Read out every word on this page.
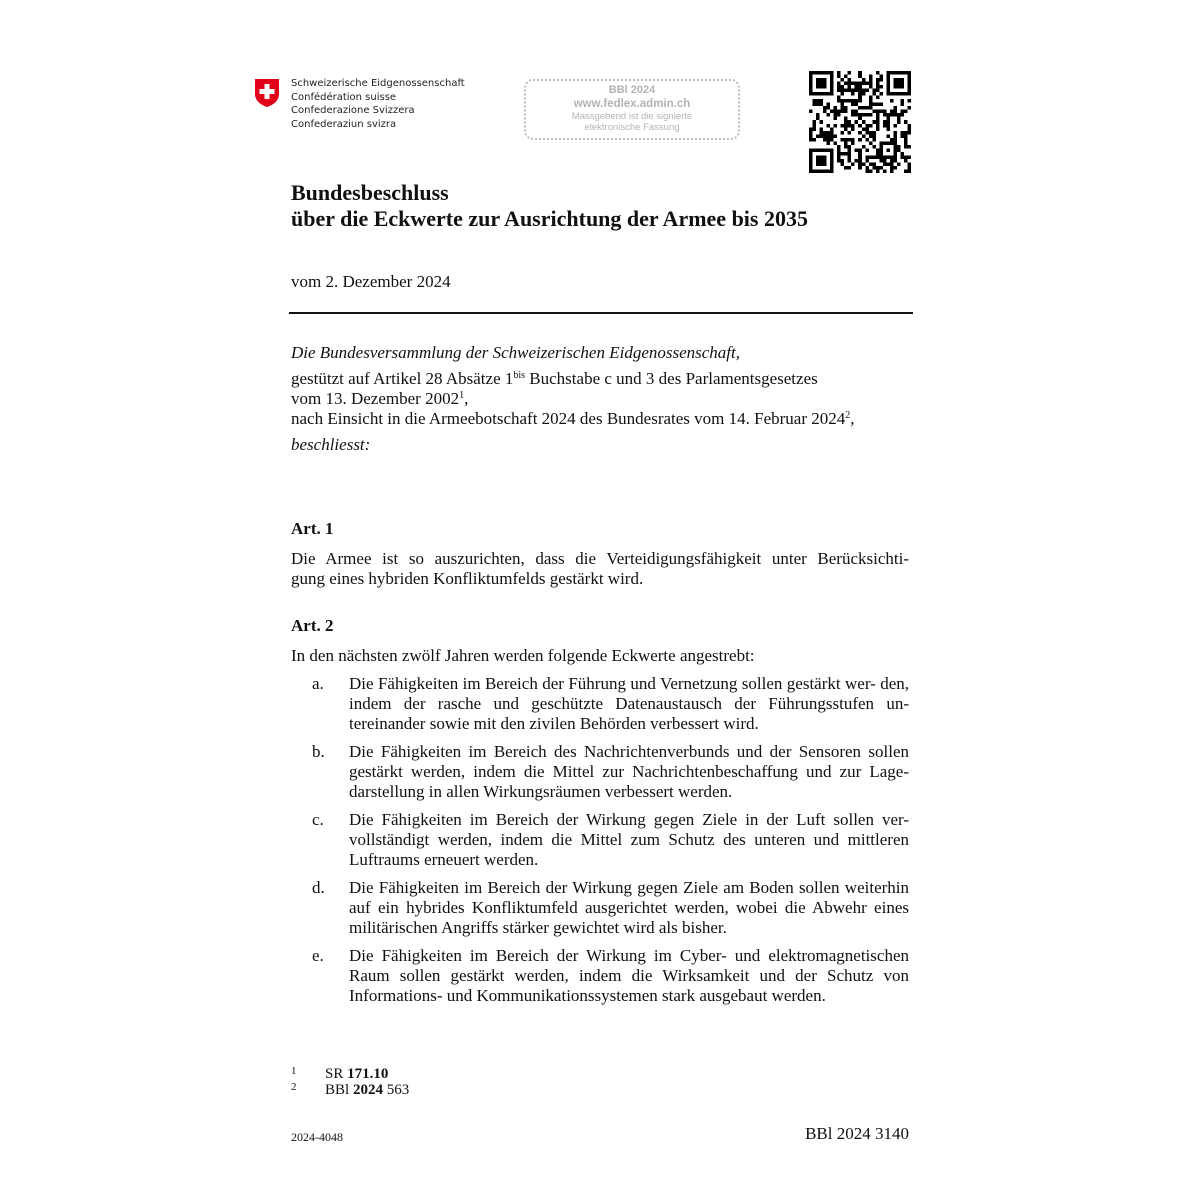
Schweizerische Eidgenossenschaft
Confédération suisse
Confederazione Svizzera
Confederaziun svizra
BBl 2024
www.fedlex.admin.ch
Massgebend ist die signierte
elektronische Fassung
Bundesbeschluss
über die Eckwerte zur Ausrichtung der Armee bis 2035
vom 2. Dezember 2024
Die Bundesversammlung der Schweizerischen Eidgenossenschaft,
gestützt auf Artikel 28 Absätze $1^{bis}$ Buchstabe c und 3 des Parlamentsgesetzes
vom 13. Dezember 2002$^1$,
nach Einsicht in die Armeebotschaft 2024 des Bundesrates vom 14. Februar 2024$^2$,
beschliesst:
Art. 1
Die Armee ist so auszurichten, dass die Verteidigungsfähigkeit unter Berücksichti-
gung eines hybriden Konfliktumfelds gestärkt wird.
Art. 2
In den nächsten zwölf Jahren werden folgende Eckwerte angestrebt:
a. Die Fähigkeiten im Bereich der Führung und Vernetzung sollen gestärkt wer- den, indem der rasche und geschützte Datenaustausch der Führungsstufen un- tereinander sowie mit den zivilen Behörden verbessert wird.
b. Die Fähigkeiten im Bereich des Nachrichtenverbunds und der Sensoren sollen gestärkt werden, indem die Mittel zur Nachrichtenbeschaffung und zur Lage- darstellung in allen Wirkungsräumen verbessert werden.
c. Die Fähigkeiten im Bereich der Wirkung gegen Ziele in der Luft sollen ver- vollständigt werden, indem die Mittel zum Schutz des unteren und mittleren Luftraums erneuert werden.
d. Die Fähigkeiten im Bereich der Wirkung gegen Ziele am Boden sollen weiterhin auf ein hybrides Konfliktumfeld ausgerichtet werden, wobei die Abwehr eines militärischen Angriffs stärker gewichtet wird als bisher.
e. Die Fähigkeiten im Bereich der Wirkung im Cyber- und elektromagnetischen Raum sollen gestärkt werden, indem die Wirksamkeit und der Schutz von Informations- und Kommunikationssystemen stark ausgebaut werden.
1 SR 171.10
2 BBl 2024 563
2024-4048	BBl 2024 3140
